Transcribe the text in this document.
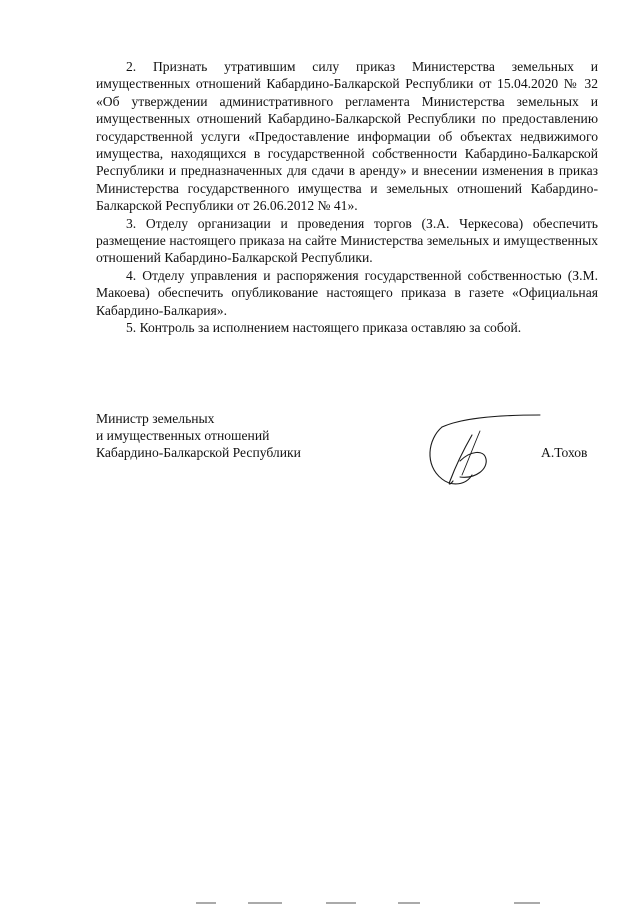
2. Признать утратившим силу приказ Министерства земельных и имущественных отношений Кабардино-Балкарской Республики от 15.04.2020 № 32 «Об утверждении административного регламента Министерства земельных и имущественных отношений Кабардино-Балкарской Республики по предоставлению государственной услуги «Предоставление информации об объектах недвижимого имущества, находящихся в государственной собственности Кабардино-Балкарской Республики и предназначенных для сдачи в аренду» и внесении изменения в приказ Министерства государственного имущества и земельных отношений Кабардино-Балкарской Республики от 26.06.2012 № 41».

3. Отделу организации и проведения торгов (З.А. Черкесова) обеспечить размещение настоящего приказа на сайте Министерства земельных и имущественных отношений Кабардино-Балкарской Республики.

4. Отделу управления и распоряжения государственной собственностью (З.М. Макоева) обеспечить опубликование настоящего приказа в газете «Официальная Кабардино-Балкария».

5. Контроль за исполнением настоящего приказа оставляю за собой.

Министр земельных
и имущественных отношений
Кабардино-Балкарской Республики	А.Тохов
